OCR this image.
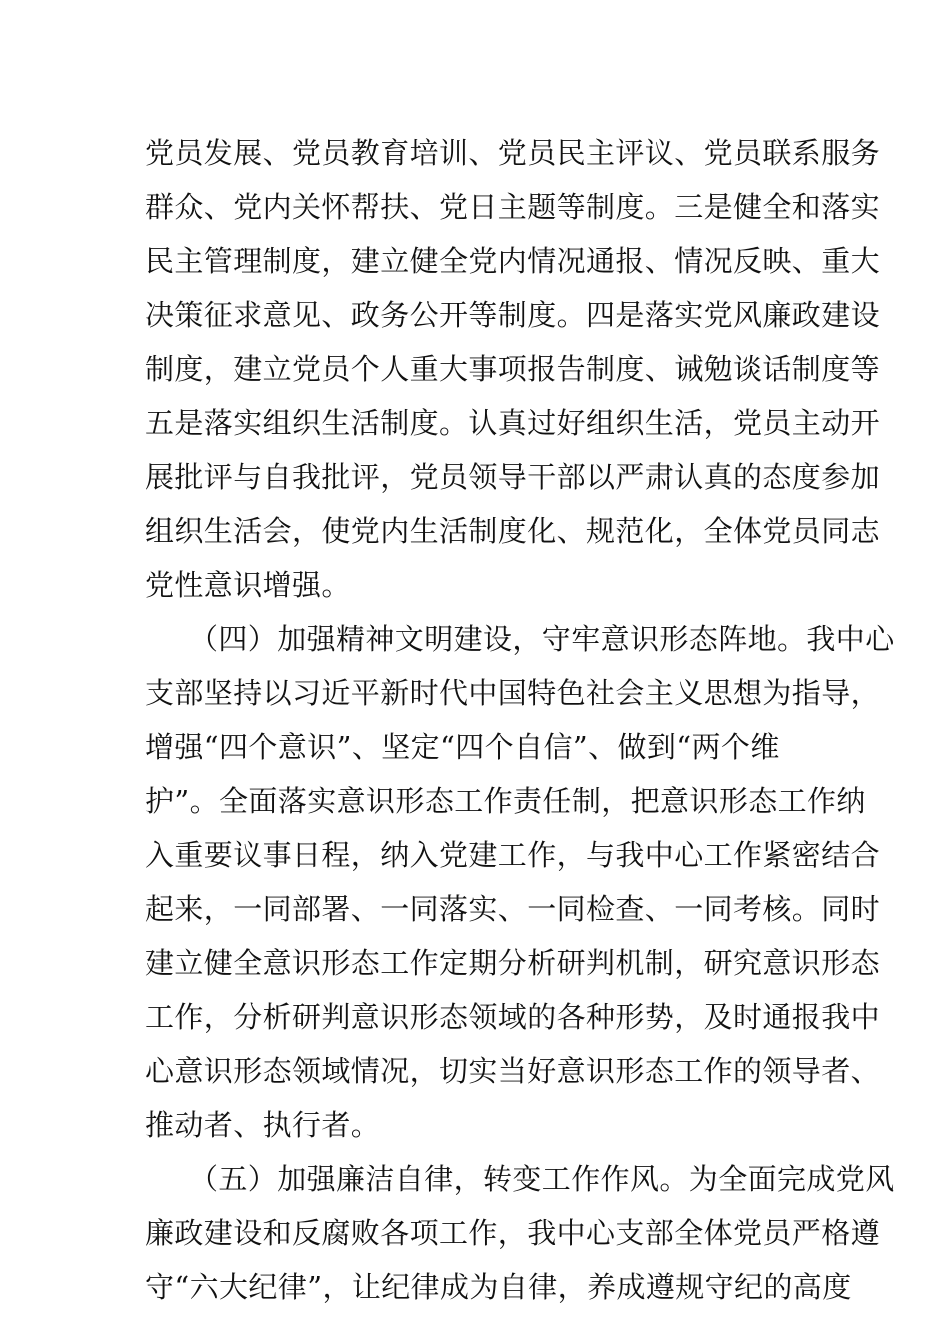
党员发展、党员教育培训、党员民主评议、党员联系服务
群众、党内关怀帮扶、党日主题等制度。三是健全和落实
民主管理制度，建立健全党内情况通报、情况反映、重大
决策征求意见、政务公开等制度。四是落实党风廉政建设
制度，建立党员个人重大事项报告制度、诫勉谈话制度等
五是落实组织生活制度。认真过好组织生活，党员主动开
展批评与自我批评，党员领导干部以严肃认真的态度参加
组织生活会，使党内生活制度化、规范化，全体党员同志
党性意识增强。
（四）加强精神文明建设，守牢意识形态阵地。我中心
支部坚持以习近平新时代中国特色社会主义思想为指导，
增强“四个意识”、坚定“四个自信”、做到“两个维
护”。全面落实意识形态工作责任制，把意识形态工作纳
入重要议事日程，纳入党建工作，与我中心工作紧密结合
起来，一同部署、一同落实、一同检查、一同考核。同时
建立健全意识形态工作定期分析研判机制，研究意识形态
工作，分析研判意识形态领域的各种形势，及时通报我中
心意识形态领域情况，切实当好意识形态工作的领导者、
推动者、执行者。
（五）加强廉洁自律，转变工作作风。为全面完成党风
廉政建设和反腐败各项工作，我中心支部全体党员严格遵
守“六大纪律”，让纪律成为自律，养成遵规守纪的高度
